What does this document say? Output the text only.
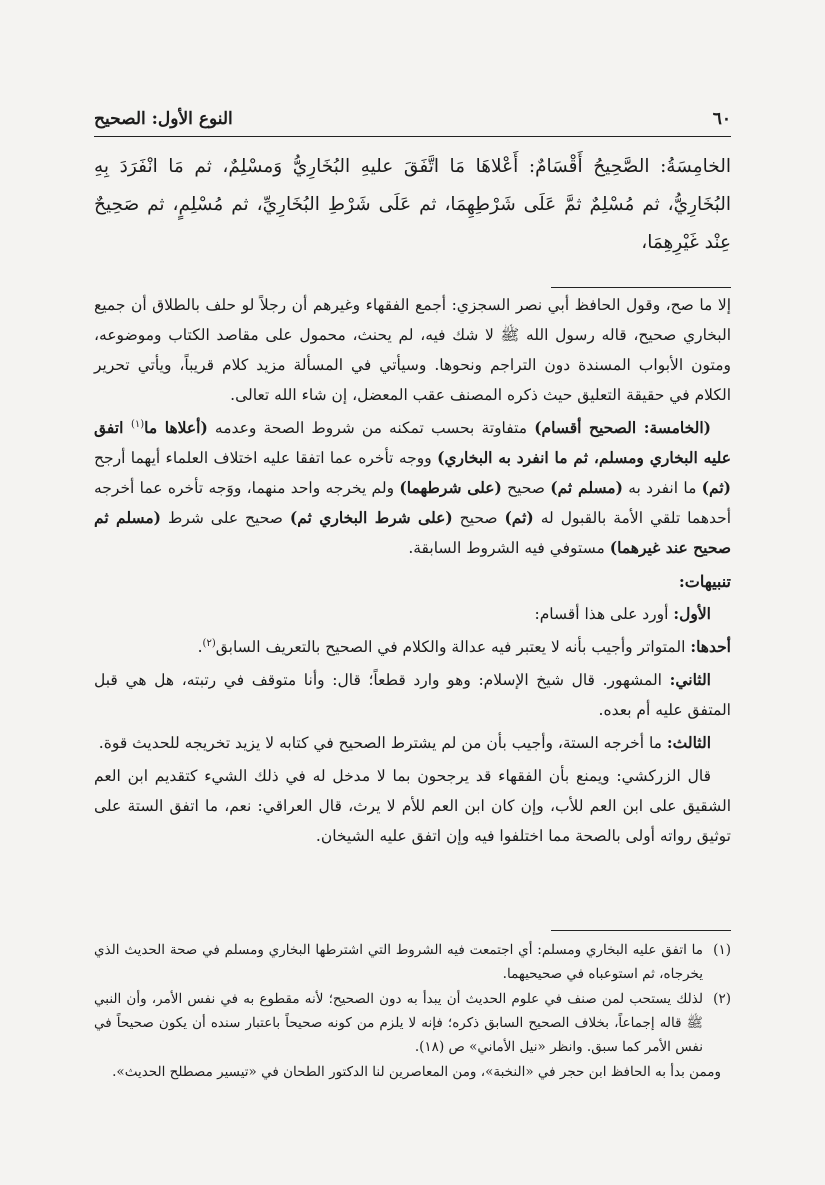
٦٠
النوع الأول: الصحيح
الخامِسَةُ: الصَّحِيحُ أَقْسَامٌ: أَعْلاهَا مَا اتَّفَقَ عليهِ البُخَارِيُّ وَمسْلِمٌ، ثم مَا انْفَرَدَ بِهِ البُخَارِيُّ، ثم مُسْلِمٌ ثمَّ عَلَى شَرْطِهِمَا، ثم عَلَى شَرْطِ البُخَارِيِّ، ثم مُسْلِمٍ، ثم صَحِيحٌ عِنْد غَيْرِهِمَا،

إلا ما صح، وقول الحافظ أبي نصر السجزي: أجمع الفقهاء وغيرهم أن رجلاً لو حلف بالطلاق أن جميع البخاري صحيح، قاله رسول الله ﷺ لا شك فيه، لم يحنث، محمول على مقاصد الكتاب وموضوعه، ومتون الأبواب المسندة دون التراجم ونحوها. وسيأتي في المسألة مزيد كلام قريباً، ويأتي تحرير الكلام في حقيقة التعليق حيث ذكره المصنف عقب المعضل، إن شاء الله تعالى.

(الخامسة: الصحيح أقسام) متفاوتة بحسب تمكنه من شروط الصحة وعدمه (أعلاها ما$^{(١)}$ اتفق عليه البخاري ومسلم، ثم ما انفرد به البخاري) ووجه تأخره عما اتفقا عليه اختلاف العلماء أيهما أرجح (ثم) ما انفرد به (مسلم ثم) صحيح (على شرطهما) ولم يخرجه واحد منهما، ووَجه تأخره عما أخرجه أحدهما تلقي الأمة بالقبول له (ثم) صحيح (على شرط البخاري ثم) صحيح على شرط (مسلم ثم صحيح عند غيرهما) مستوفي فيه الشروط السابقة.

تنبيهات:

الأول: أورد على هذا أقسام:

أحدها: المتواتر وأجيب بأنه لا يعتبر فيه عدالة والكلام في الصحيح بالتعريف السابق$^{(٢)}$.

الثاني: المشهور. قال شيخ الإسلام: وهو وارد قطعاً؛ قال: وأنا متوقف في رتبته، هل هي قبل المتفق عليه أم بعده.

الثالث: ما أخرجه الستة، وأجيب بأن من لم يشترط الصحيح في كتابه لا يزيد تخريجه للحديث قوة.

قال الزركشي: ويمنع بأن الفقهاء قد يرجحون بما لا مدخل له في ذلك الشيء كتقديم ابن العم الشقيق على ابن العم للأب، وإن كان ابن العم للأم لا يرث، قال العراقي: نعم، ما اتفق الستة على توثيق رواته أولى بالصحة مما اختلفوا فيه وإن اتفق عليه الشيخان.

(١)
ما اتفق عليه البخاري ومسلم: أي اجتمعت فيه الشروط التي اشترطها البخاري ومسلم في صحة الحديث الذي يخرجاه، ثم استوعباه في صحيحيهما.
(٢)
لذلك يستحب لمن صنف في علوم الحديث أن يبدأ به دون الصحيح؛ لأنه مقطوع به في نفس الأمر، وأن النبي ﷺ قاله إجماعاً، بخلاف الصحيح السابق ذكره؛ فإنه لا يلزم من كونه صحيحاً باعتبار سنده أن يكون صحيحاً في نفس الأمر كما سبق. وانظر «نيل الأماني» ص (١٨).
وممن بدأ به الحافظ ابن حجر في «النخبة»، ومن المعاصرين لنا الدكتور الطحان في «تيسير مصطلح الحديث».
